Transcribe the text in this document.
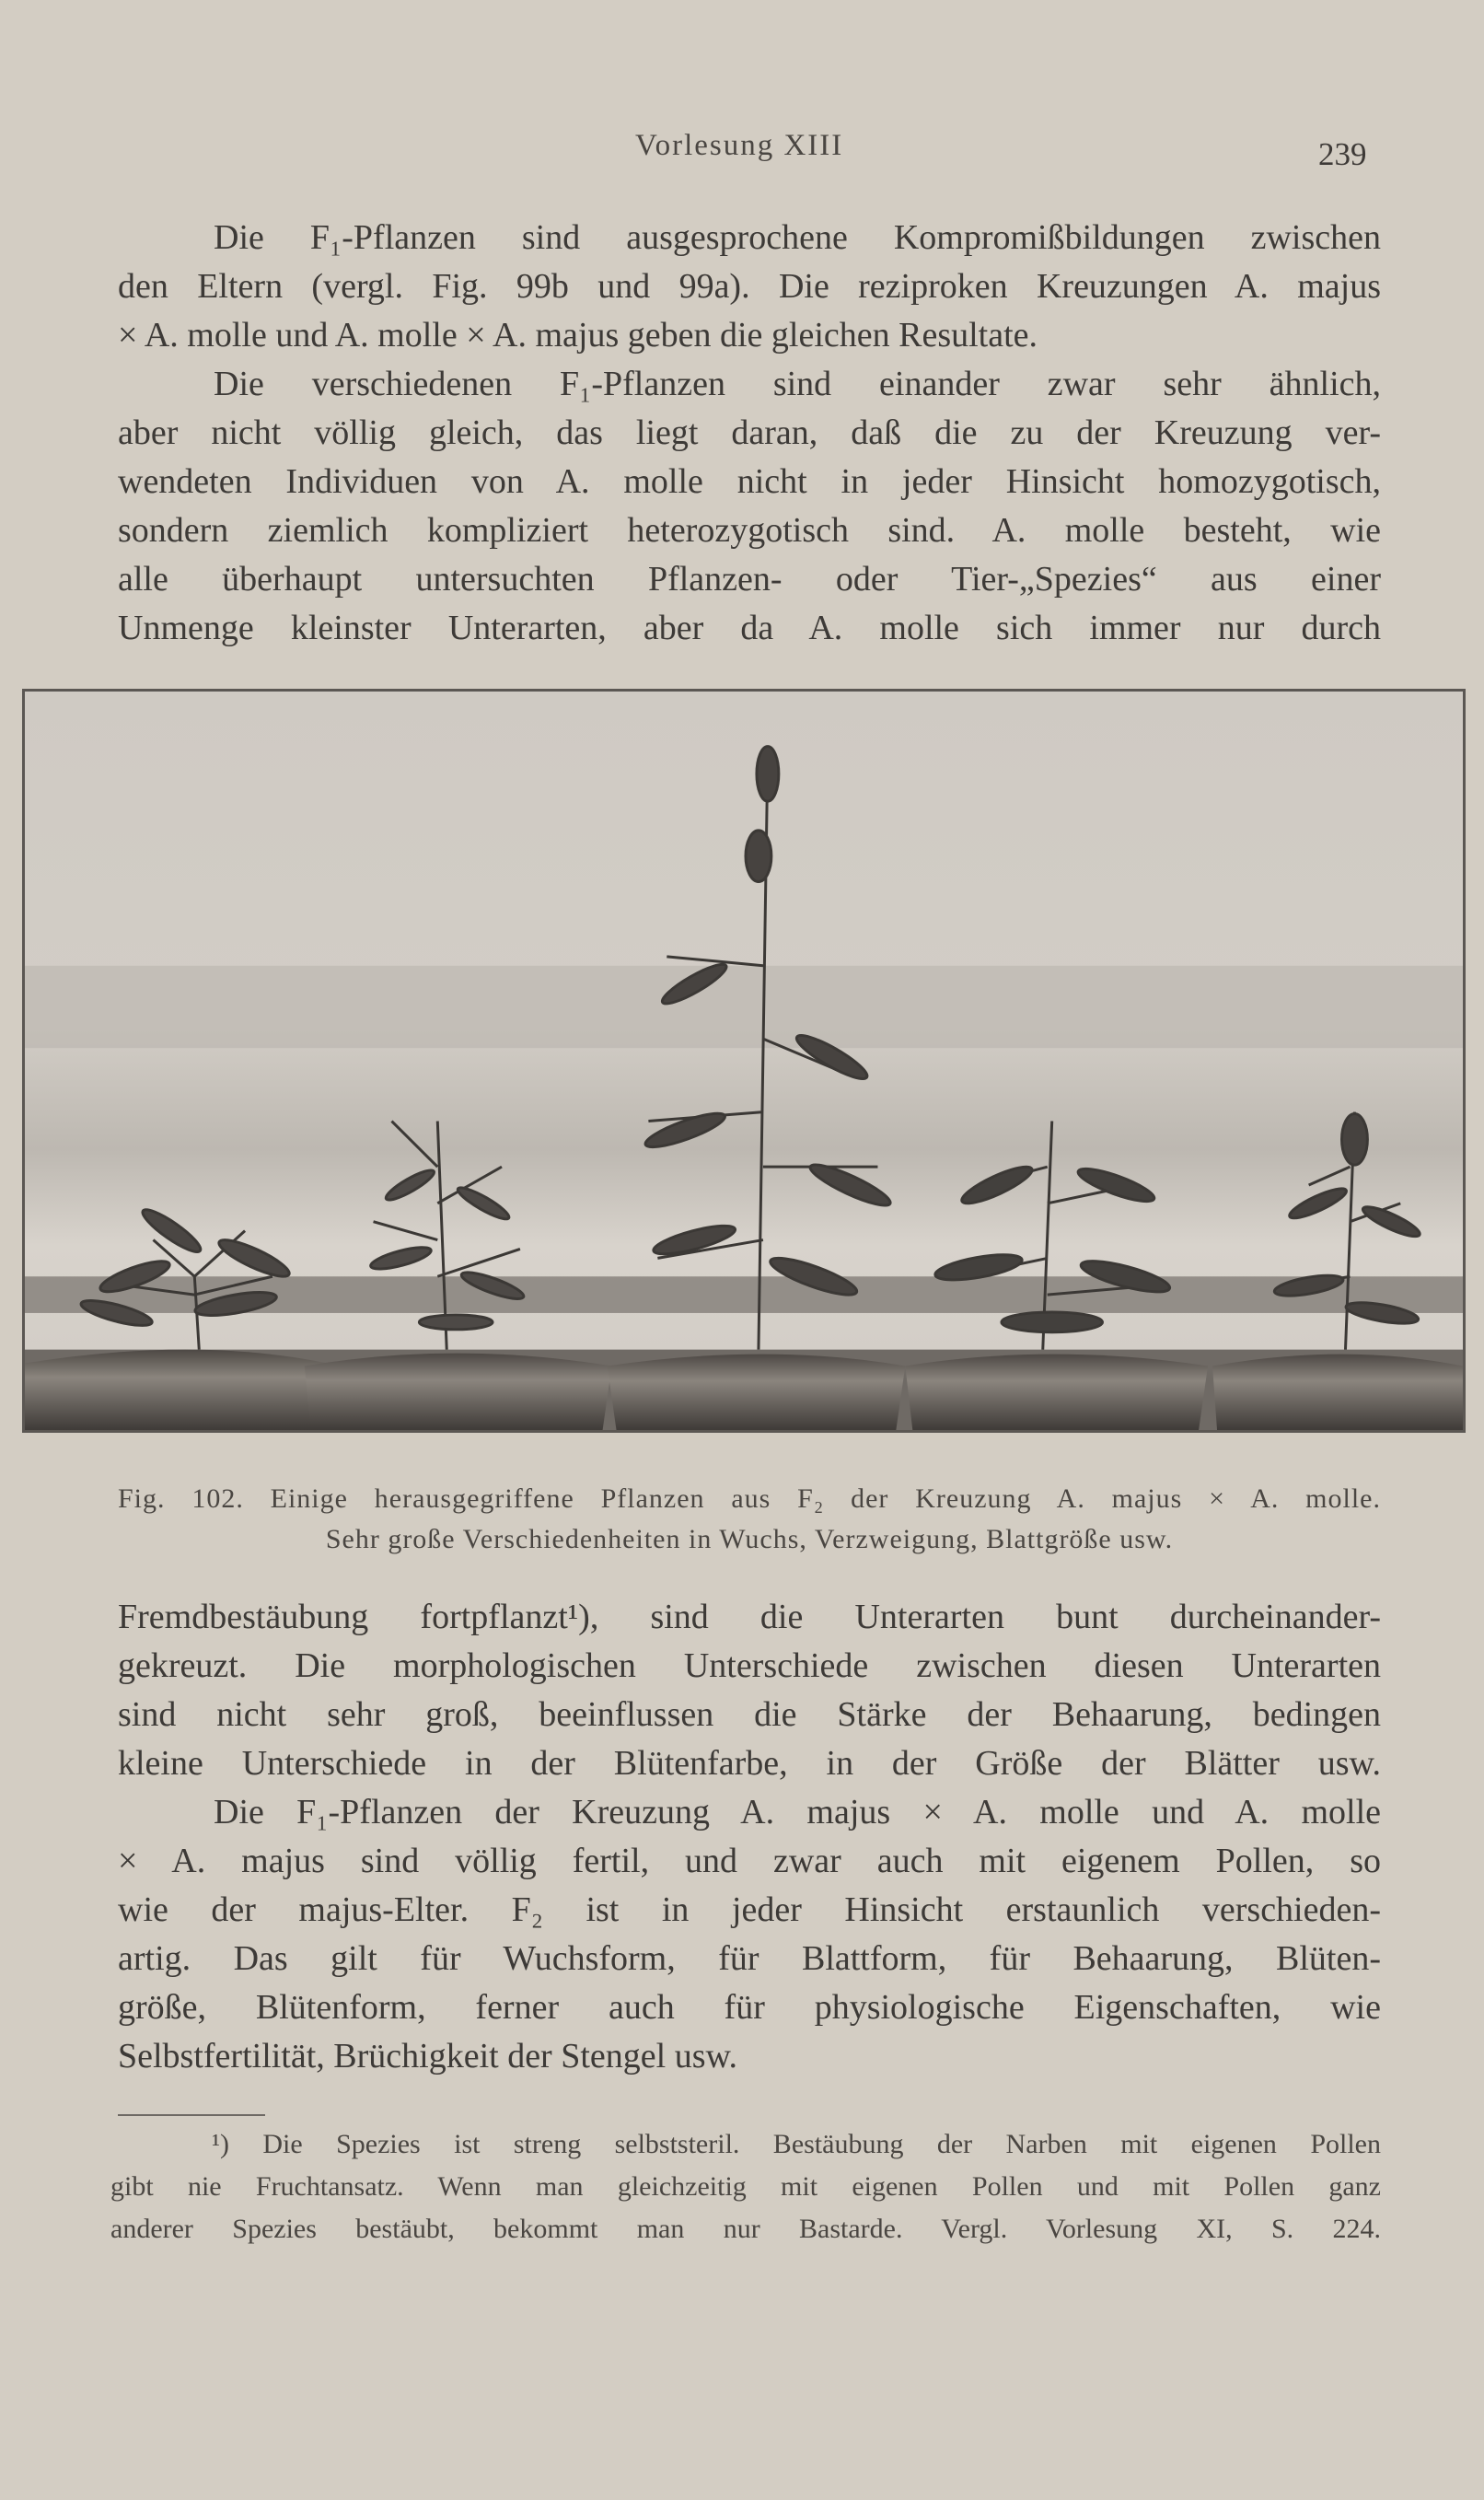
Vorlesung XIII	239
Die F₁-Pflanzen sind ausgesprochene Kompromißbildungen zwischen
den Eltern (vergl. Fig. 99b und 99a). Die reziproken Kreuzungen A. majus
× A. molle und A. molle × A. majus geben die gleichen Resultate.
Die verschiedenen F₁-Pflanzen sind einander zwar sehr ähnlich,
aber nicht völlig gleich, das liegt daran, daß die zu der Kreuzung ver-
wendeten Individuen von A. molle nicht in jeder Hinsicht homozygotisch,
sondern ziemlich kompliziert heterozygotisch sind. A. molle besteht, wie
alle überhaupt untersuchten Pflanzen- oder Tier-„Spezies“ aus einer
Unmenge kleinster Unterarten, aber da A. molle sich immer nur durch
Fig. 102. Einige herausgegriffene Pflanzen aus F₂ der Kreuzung A. majus × A. molle.
Sehr große Verschiedenheiten in Wuchs, Verzweigung, Blattgröße usw.
Fremdbestäubung fortpflanzt¹), sind die Unterarten bunt durcheinander-
gekreuzt. Die morphologischen Unterschiede zwischen diesen Unterarten
sind nicht sehr groß, beeinflussen die Stärke der Behaarung, bedingen
kleine Unterschiede in der Blütenfarbe, in der Größe der Blätter usw.
Die F₁-Pflanzen der Kreuzung A. majus × A. molle und A. molle
× A. majus sind völlig fertil, und zwar auch mit eigenem Pollen, so
wie der majus-Elter. F₂ ist in jeder Hinsicht erstaunlich verschieden-
artig. Das gilt für Wuchsform, für Blattform, für Behaarung, Blüten-
größe, Blütenform, ferner auch für physiologische Eigenschaften, wie
Selbstfertilität, Brüchigkeit der Stengel usw.
¹) Die Spezies ist streng selbststeril. Bestäubung der Narben mit eigenen Pollen
gibt nie Fruchtansatz. Wenn man gleichzeitig mit eigenen Pollen und mit Pollen ganz
anderer Spezies bestäubt, bekommt man nur Bastarde. Vergl. Vorlesung XI, S. 224.
